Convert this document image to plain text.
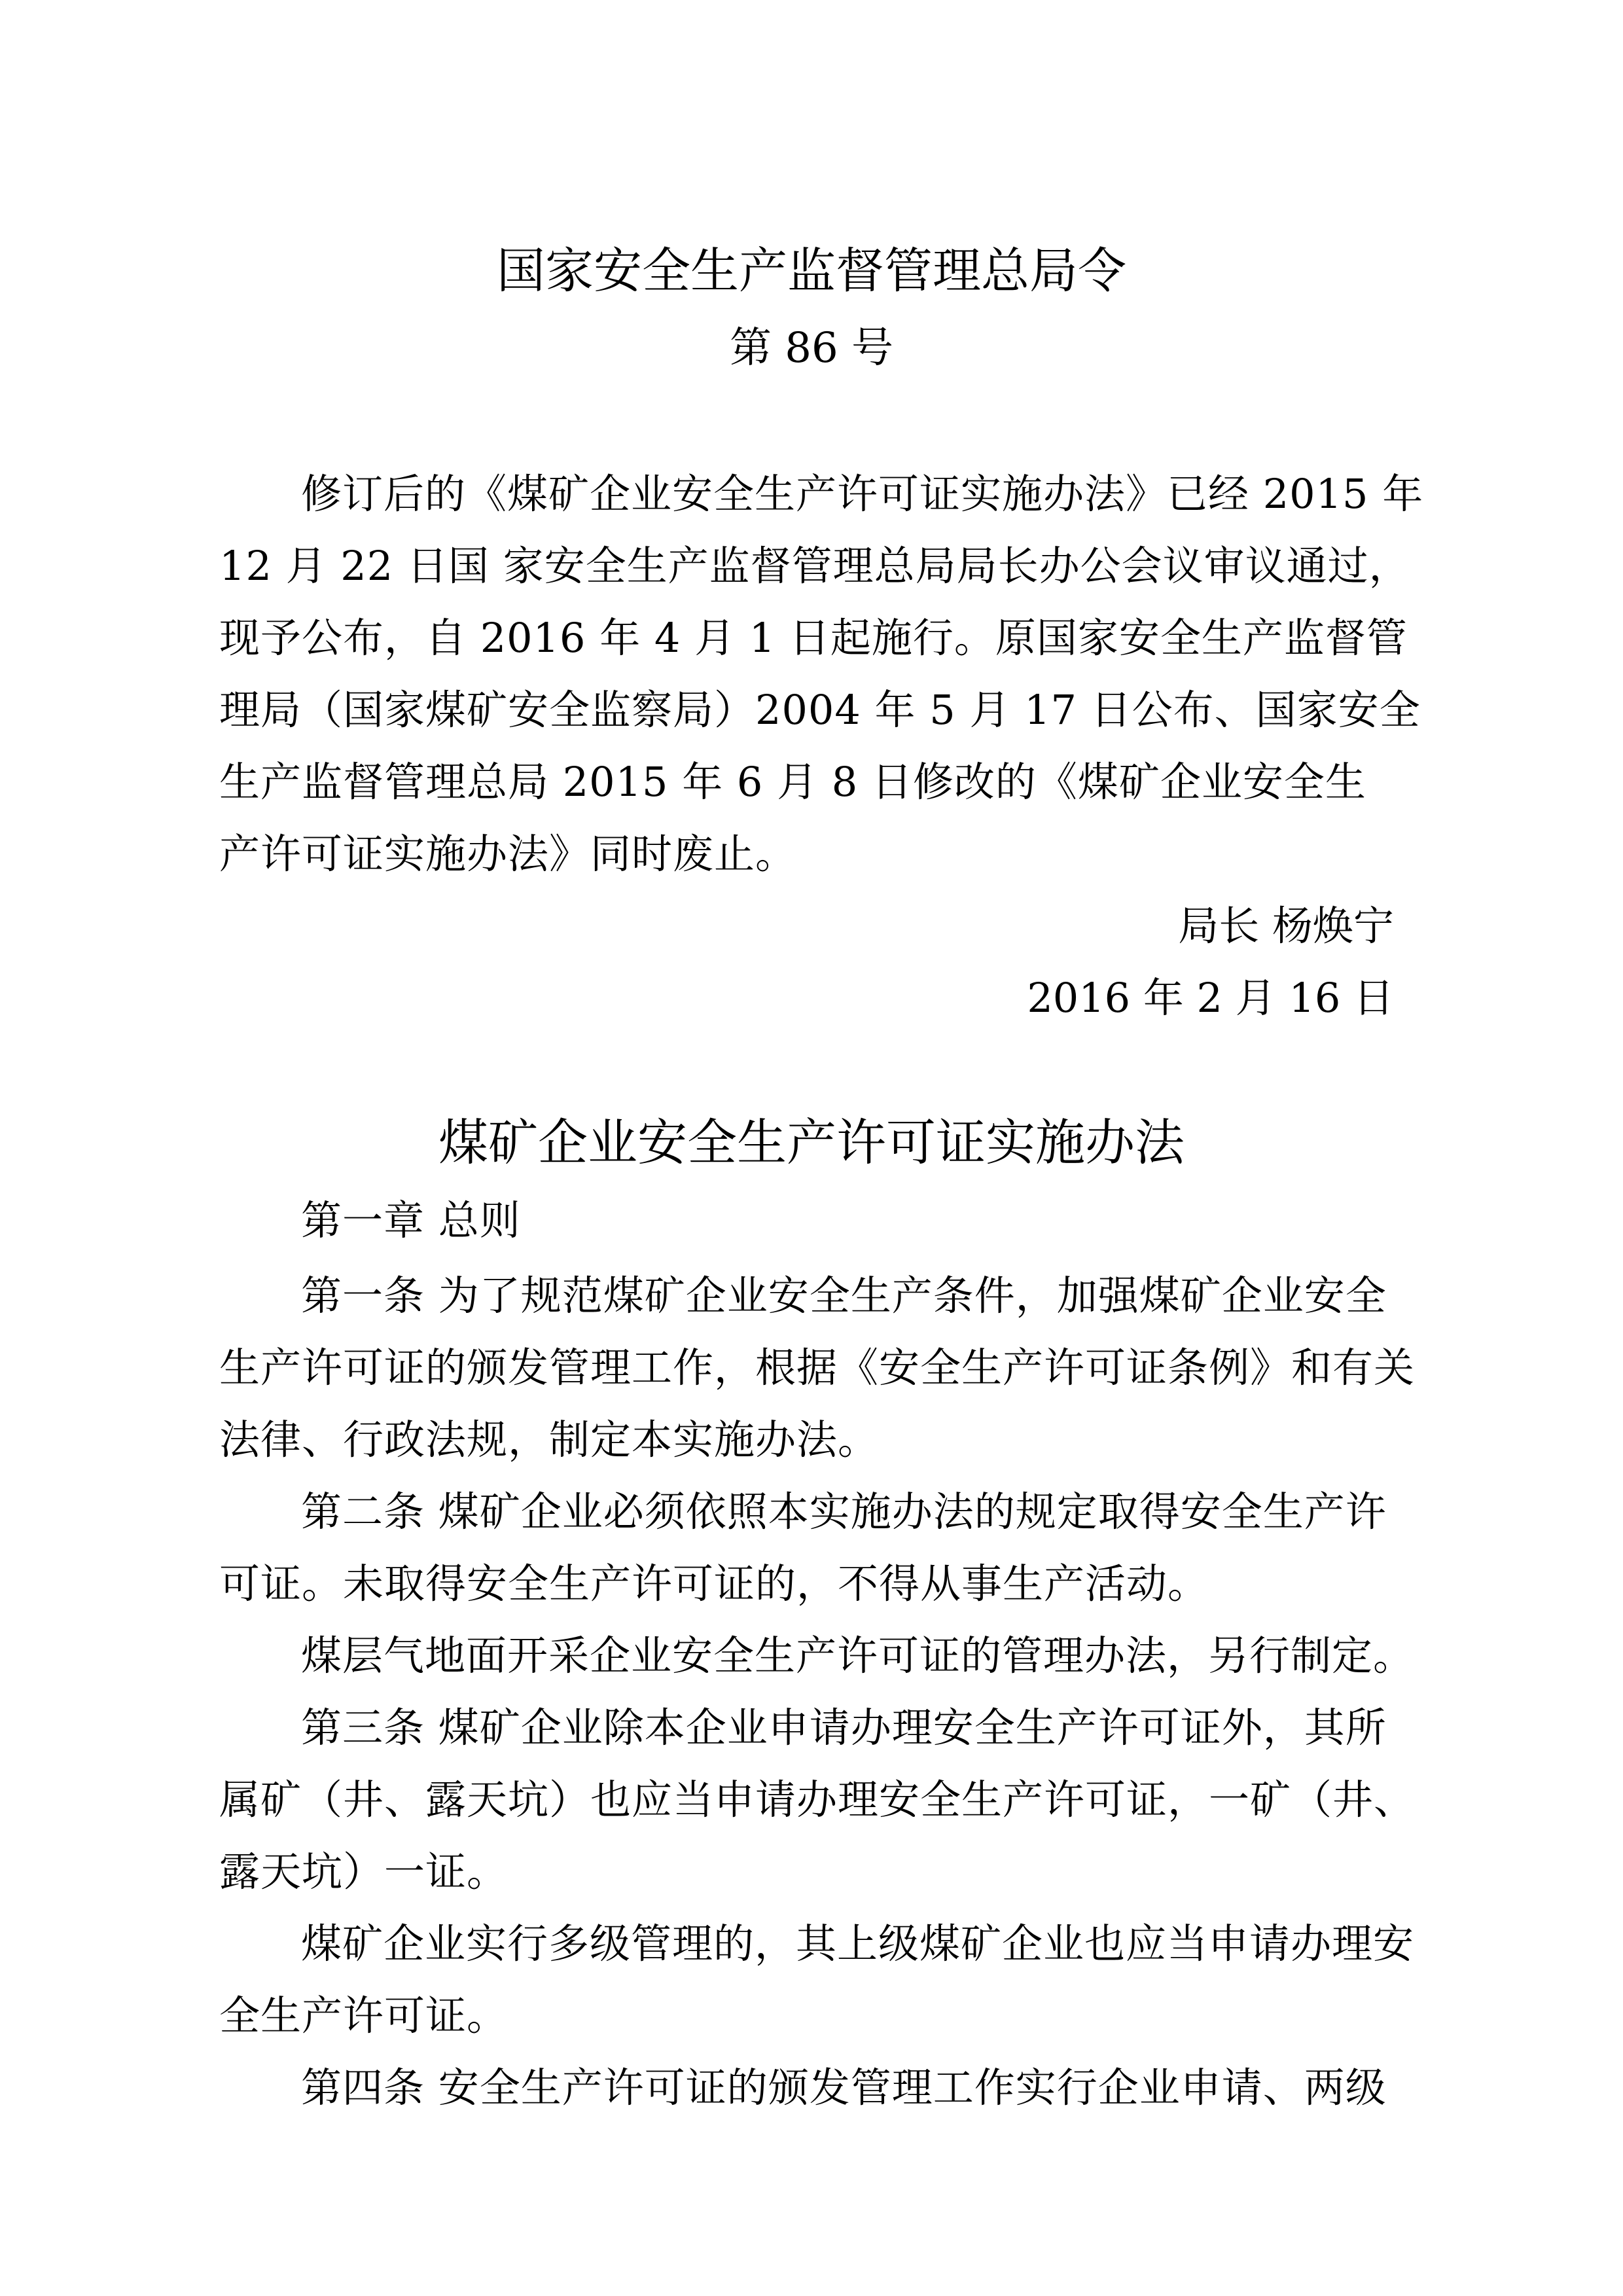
国家安全生产监督管理总局令
第 86 号
修订后的《煤矿企业安全生产许可证实施办法》已经 2015 年
12 月 22 日国 家安全生产监督管理总局局长办公会议审议通过，
现予公布，自 2016 年 4 月 1 日起施行。原国家安全生产监督管
理局（国家煤矿安全监察局）2004 年 5 月 17 日公布、国家安全
生产监督管理总局 2015 年 6 月 8 日修改的《煤矿企业安全生
产许可证实施办法》同时废止。
局长 杨焕宁
2016 年 2 月 16 日
煤矿企业安全生产许可证实施办法
第一章 总则
第一条 为了规范煤矿企业安全生产条件，加强煤矿企业安全
生产许可证的颁发管理工作，根据《安全生产许可证条例》和有关
法律、行政法规，制定本实施办法。
第二条 煤矿企业必须依照本实施办法的规定取得安全生产许
可证。未取得安全生产许可证的，不得从事生产活动。
煤层气地面开采企业安全生产许可证的管理办法，另行制定。
第三条 煤矿企业除本企业申请办理安全生产许可证外，其所
属矿（井、露天坑）也应当申请办理安全生产许可证，一矿（井、
露天坑）一证。
煤矿企业实行多级管理的，其上级煤矿企业也应当申请办理安
全生产许可证。
第四条 安全生产许可证的颁发管理工作实行企业申请、两级
